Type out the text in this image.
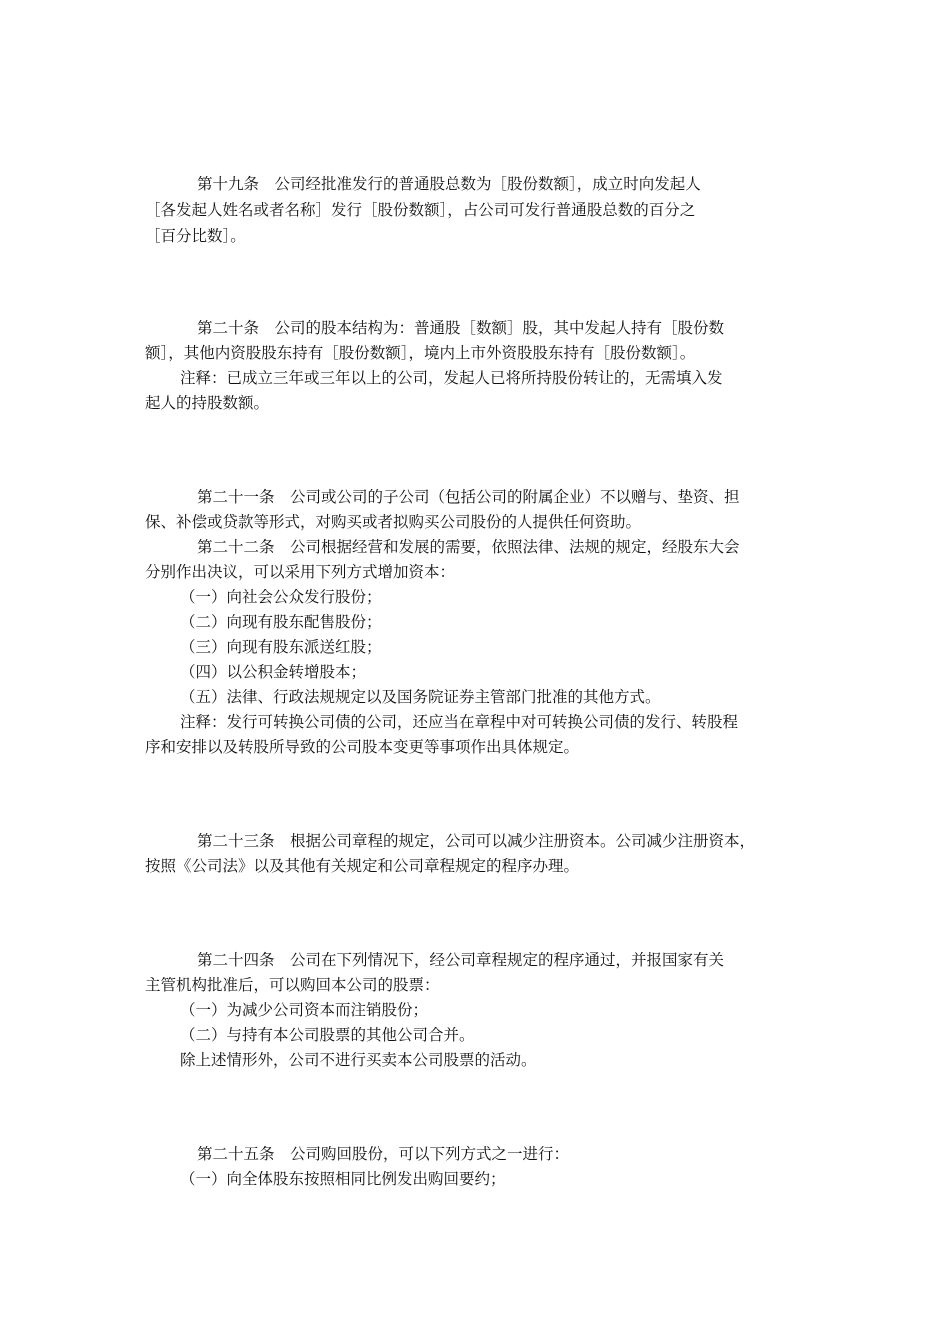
第十九条　公司经批准发行的普通股总数为［股份数额］，成立时向发起人
［各发起人姓名或者名称］发行［股份数额］，占公司可发行普通股总数的百分之
［百分比数］。
第二十条　公司的股本结构为：普通股［数额］股，其中发起人持有［股份数
额］，其他内资股股东持有［股份数额］，境内上市外资股股东持有［股份数额］。
注释：已成立三年或三年以上的公司，发起人已将所持股份转让的，无需填入发
起人的持股数额。
第二十一条　公司或公司的子公司（包括公司的附属企业）不以赠与、垫资、担
保、补偿或贷款等形式，对购买或者拟购买公司股份的人提供任何资助。
第二十二条　公司根据经营和发展的需要，依照法律、法规的规定，经股东大会
分别作出决议，可以采用下列方式增加资本：
（一）向社会公众发行股份；
（二）向现有股东配售股份；
（三）向现有股东派送红股；
（四）以公积金转增股本；
（五）法律、行政法规规定以及国务院证券主管部门批准的其他方式。
注释：发行可转换公司债的公司，还应当在章程中对可转换公司债的发行、转股程
序和安排以及转股所导致的公司股本变更等事项作出具体规定。
第二十三条　根据公司章程的规定，公司可以减少注册资本。公司减少注册资本，
按照《公司法》以及其他有关规定和公司章程规定的程序办理。
第二十四条　公司在下列情况下，经公司章程规定的程序通过，并报国家有关
主管机构批准后，可以购回本公司的股票：
（一）为减少公司资本而注销股份；
（二）与持有本公司股票的其他公司合并。
除上述情形外，公司不进行买卖本公司股票的活动。
第二十五条　公司购回股份，可以下列方式之一进行：
（一）向全体股东按照相同比例发出购回要约；
